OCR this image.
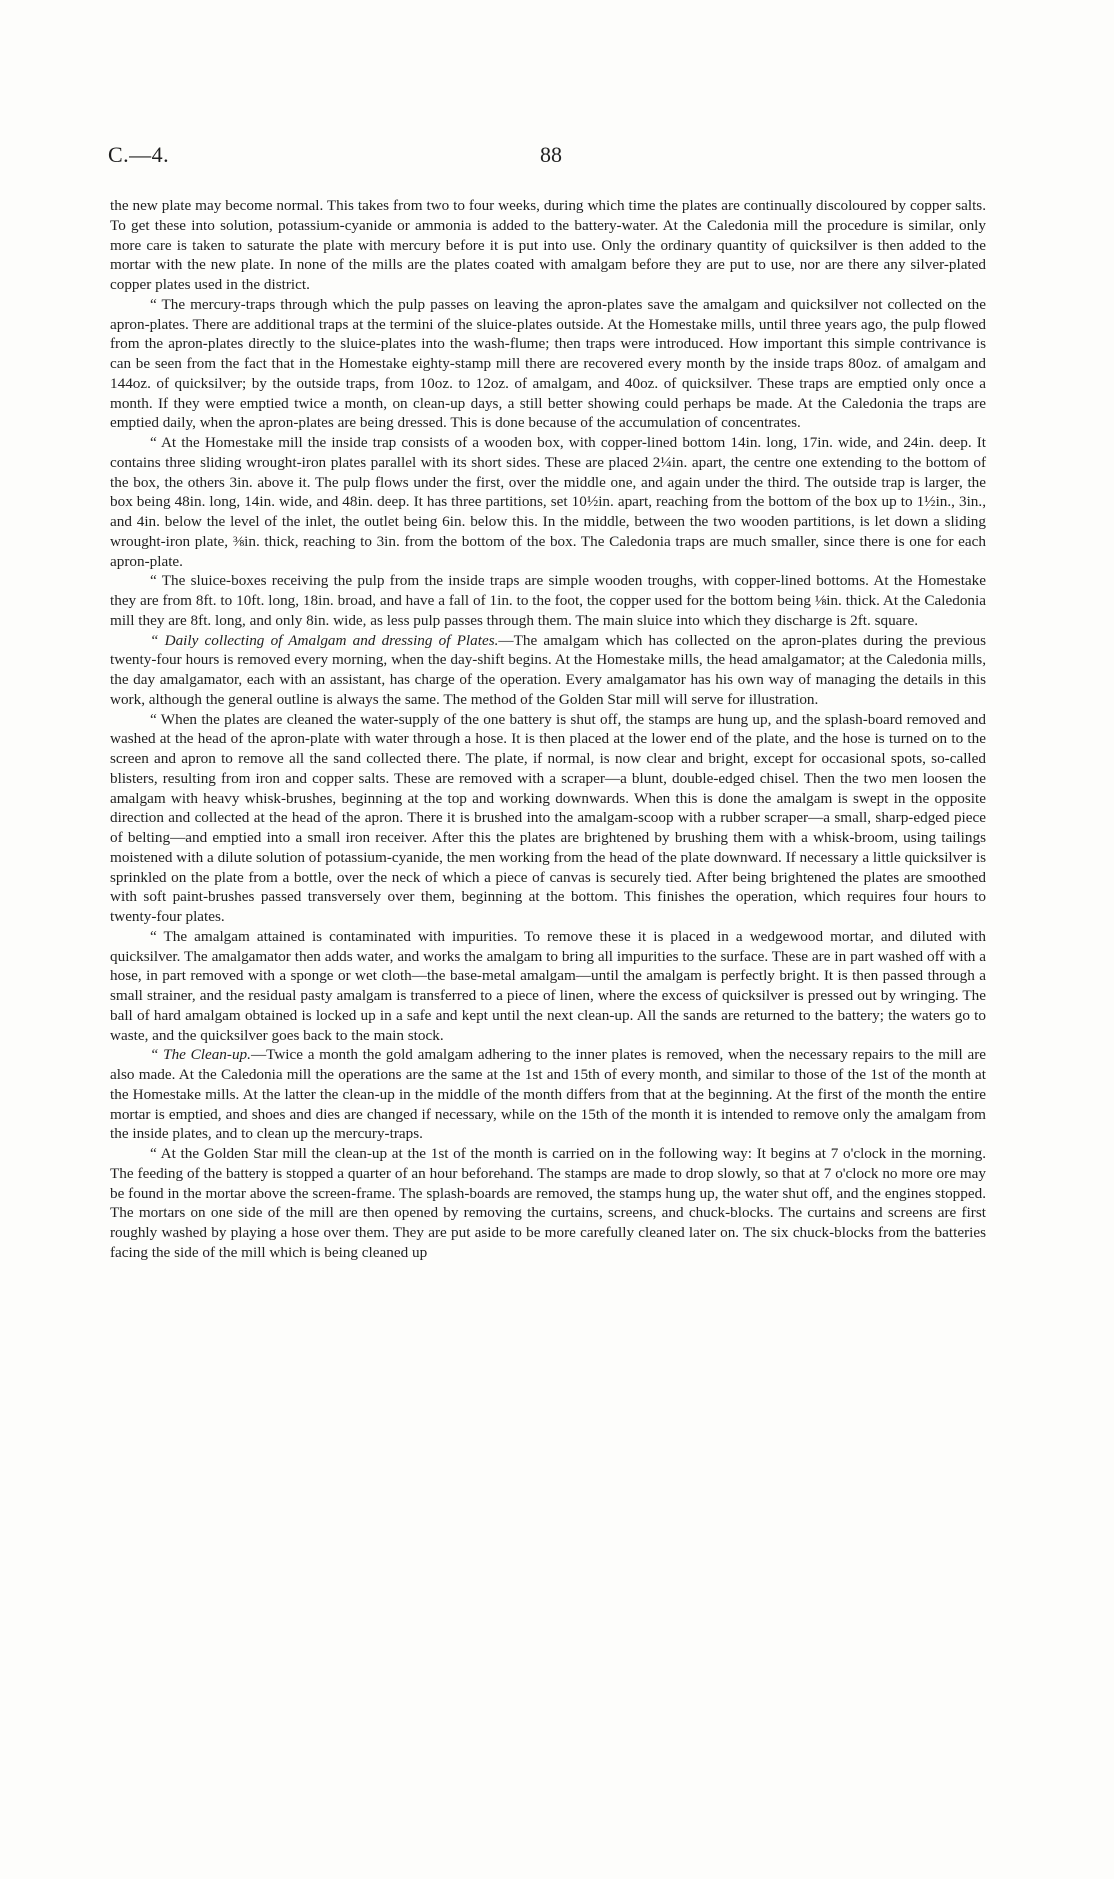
C.—4.	88

the new plate may become normal. This takes from two to four weeks, during which time the plates are continually discoloured by copper salts. To get these into solution, potassium-cyanide or ammonia is added to the battery-water. At the Caledonia mill the procedure is similar, only more care is taken to saturate the plate with mercury before it is put into use. Only the ordinary quantity of quicksilver is then added to the mortar with the new plate. In none of the mills are the plates coated with amalgam before they are put to use, nor are there any silver-plated copper plates used in the district.

“ The mercury-traps through which the pulp passes on leaving the apron-plates save the amalgam and quicksilver not collected on the apron-plates. There are additional traps at the termini of the sluice-plates outside. At the Homestake mills, until three years ago, the pulp flowed from the apron-plates directly to the sluice-plates into the wash-flume; then traps were introduced. How important this simple contrivance is can be seen from the fact that in the Homestake eighty-stamp mill there are recovered every month by the inside traps 80oz. of amalgam and 144oz. of quicksilver; by the outside traps, from 10oz. to 12oz. of amalgam, and 40oz. of quicksilver. These traps are emptied only once a month. If they were emptied twice a month, on clean-up days, a still better showing could perhaps be made. At the Caledonia the traps are emptied daily, when the apron-plates are being dressed. This is done because of the accumulation of concentrates.

“ At the Homestake mill the inside trap consists of a wooden box, with copper-lined bottom 14in. long, 17in. wide, and 24in. deep. It contains three sliding wrought-iron plates parallel with its short sides. These are placed 2¼in. apart, the centre one extending to the bottom of the box, the others 3in. above it. The pulp flows under the first, over the middle one, and again under the third. The outside trap is larger, the box being 48in. long, 14in. wide, and 48in. deep. It has three partitions, set 10½in. apart, reaching from the bottom of the box up to 1½in., 3in., and 4in. below the level of the inlet, the outlet being 6in. below this. In the middle, between the two wooden partitions, is let down a sliding wrought-iron plate, ⅜in. thick, reaching to 3in. from the bottom of the box. The Caledonia traps are much smaller, since there is one for each apron-plate.

“ The sluice-boxes receiving the pulp from the inside traps are simple wooden troughs, with copper-lined bottoms. At the Homestake they are from 8ft. to 10ft. long, 18in. broad, and have a fall of 1in. to the foot, the copper used for the bottom being ⅛in. thick. At the Caledonia mill they are 8ft. long, and only 8in. wide, as less pulp passes through them. The main sluice into which they discharge is 2ft. square.

“ Daily collecting of Amalgam and dressing of Plates.—The amalgam which has collected on the apron-plates during the previous twenty-four hours is removed every morning, when the day-shift begins. At the Homestake mills, the head amalgamator; at the Caledonia mills, the day amalgamator, each with an assistant, has charge of the operation. Every amalgamator has his own way of managing the details in this work, although the general outline is always the same. The method of the Golden Star mill will serve for illustration.

“ When the plates are cleaned the water-supply of the one battery is shut off, the stamps are hung up, and the splash-board removed and washed at the head of the apron-plate with water through a hose. It is then placed at the lower end of the plate, and the hose is turned on to the screen and apron to remove all the sand collected there. The plate, if normal, is now clear and bright, except for occasional spots, so-called blisters, resulting from iron and copper salts. These are removed with a scraper—a blunt, double-edged chisel. Then the two men loosen the amalgam with heavy whisk-brushes, beginning at the top and working downwards. When this is done the amalgam is swept in the opposite direction and collected at the head of the apron. There it is brushed into the amalgam-scoop with a rubber scraper—a small, sharp-edged piece of belting—and emptied into a small iron receiver. After this the plates are brightened by brushing them with a whisk-broom, using tailings moistened with a dilute solution of potassium-cyanide, the men working from the head of the plate downward. If necessary a little quicksilver is sprinkled on the plate from a bottle, over the neck of which a piece of canvas is securely tied. After being brightened the plates are smoothed with soft paint-brushes passed transversely over them, beginning at the bottom. This finishes the operation, which requires four hours to twenty-four plates.

“ The amalgam attained is contaminated with impurities. To remove these it is placed in a wedgewood mortar, and diluted with quicksilver. The amalgamator then adds water, and works the amalgam to bring all impurities to the surface. These are in part washed off with a hose, in part removed with a sponge or wet cloth—the base-metal amalgam—until the amalgam is perfectly bright. It is then passed through a small strainer, and the residual pasty amalgam is transferred to a piece of linen, where the excess of quicksilver is pressed out by wringing. The ball of hard amalgam obtained is locked up in a safe and kept until the next clean-up. All the sands are returned to the battery; the waters go to waste, and the quicksilver goes back to the main stock.

“ The Clean-up.—Twice a month the gold amalgam adhering to the inner plates is removed, when the necessary repairs to the mill are also made. At the Caledonia mill the operations are the same at the 1st and 15th of every month, and similar to those of the 1st of the month at the Homestake mills. At the latter the clean-up in the middle of the month differs from that at the beginning. At the first of the month the entire mortar is emptied, and shoes and dies are changed if necessary, while on the 15th of the month it is intended to remove only the amalgam from the inside plates, and to clean up the mercury-traps.

“ At the Golden Star mill the clean-up at the 1st of the month is carried on in the following way: It begins at 7 o'clock in the morning. The feeding of the battery is stopped a quarter of an hour beforehand. The stamps are made to drop slowly, so that at 7 o'clock no more ore may be found in the mortar above the screen-frame. The splash-boards are removed, the stamps hung up, the water shut off, and the engines stopped. The mortars on one side of the mill are then opened by removing the curtains, screens, and chuck-blocks. The curtains and screens are first roughly washed by playing a hose over them. They are put aside to be more carefully cleaned later on. The six chuck-blocks from the batteries facing the side of the mill which is being cleaned up
